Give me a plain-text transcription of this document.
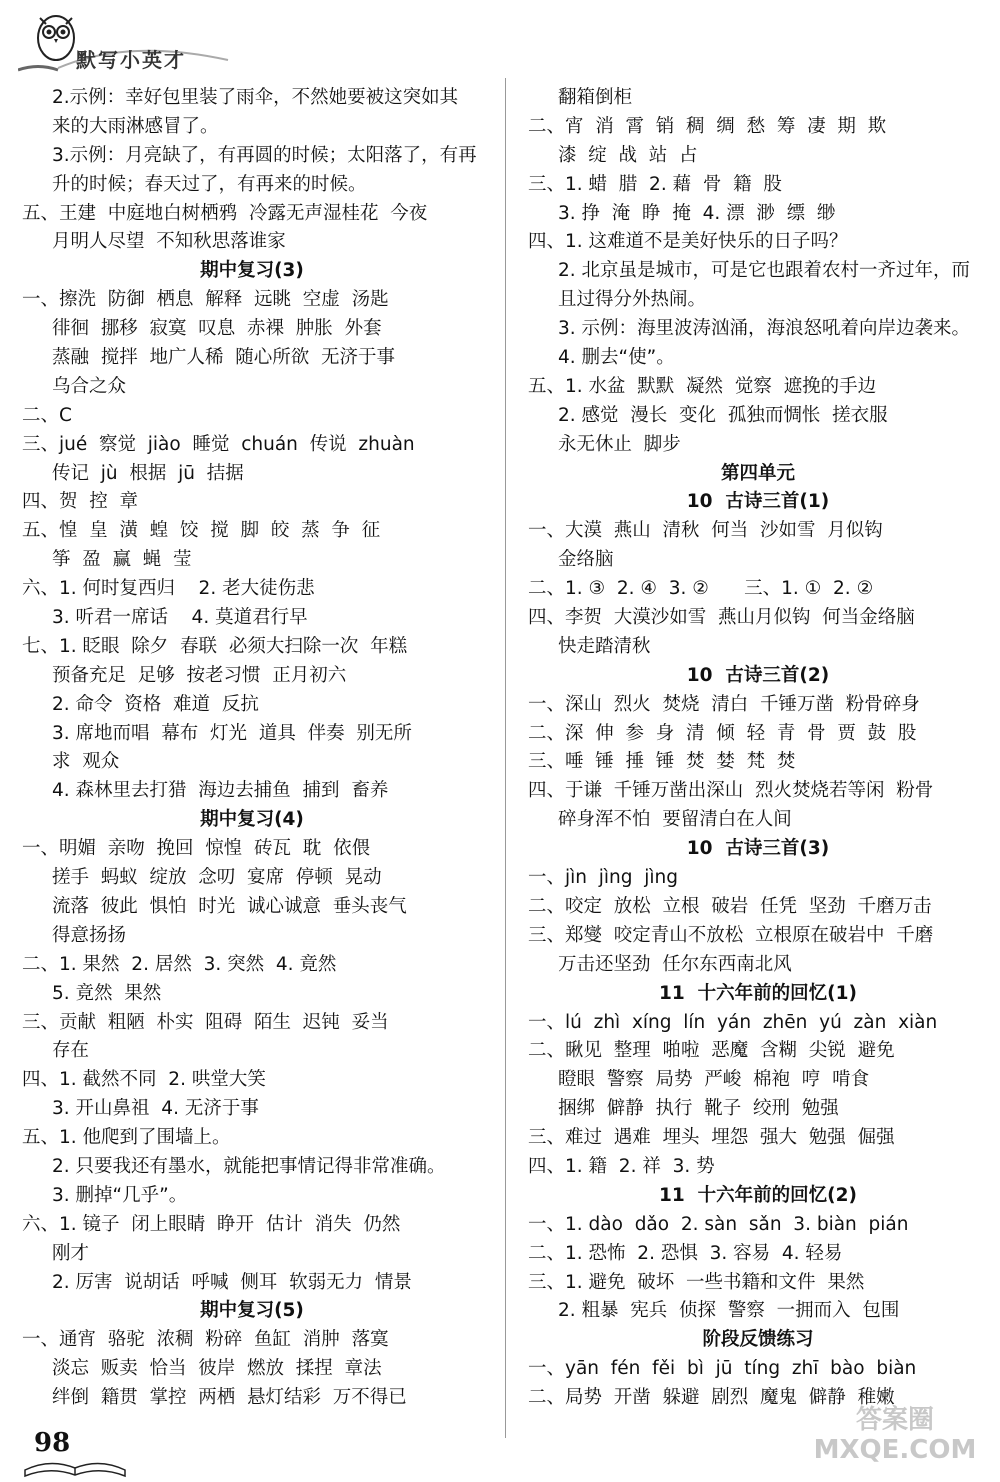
默写小英才
2.示例：幸好包里装了雨伞，不然她要被这突如其
来的大雨淋感冒了。
3.示例：月亮缺了，有再圆的时候；太阳落了，有再
升的时候；春天过了，有再来的时候。
五、王建  中庭地白树栖鸦  冷露无声湿桂花  今夜
月明人尽望  不知秋思落谁家
期中复习(3)
一、擦洗  防御  栖息  解释  远眺  空虚  汤匙
徘徊  挪移  寂寞  叹息  赤裸  肿胀  外套
蒸融  搅拌  地广人稀  随心所欲  无济于事
乌合之众
二、C
三、jué  察觉  jiào  睡觉  chuán  传说  zhuàn
传记  jù  根据  jū  拮据
四、贺  控  章
五、惶  皇  潢  蝗  饺  搅  脚  皎  蒸  争  征
筝  盈  赢  蝇  莹
六、1. 何时复西归    2. 老大徒伤悲
3. 听君一席话    4. 莫道君行早
七、1. 眨眼  除夕  春联  必须大扫除一次  年糕
预备充足  足够  按老习惯  正月初六
2. 命令  资格  难道  反抗
3. 席地而唱  幕布  灯光  道具  伴奏  别无所
求  观众
4. 森林里去打猎  海边去捕鱼  捕到  畜养
期中复习(4)
一、明媚  亲吻  挽回  惊惶  砖瓦  耽  依偎
搓手  蚂蚁  绽放  念叨  宴席  停顿  晃动
流落  彼此  惧怕  时光  诚心诚意  垂头丧气
得意扬扬
二、1. 果然  2. 居然  3. 突然  4. 竟然
5. 竟然  果然
三、贡献  粗陋  朴实  阻碍  陌生  迟钝  妥当
存在
四、1. 截然不同  2. 哄堂大笑
3. 开山鼻祖  4. 无济于事
五、1. 他爬到了围墙上。
2. 只要我还有墨水，就能把事情记得非常准确。
3. 删掉“几乎”。
六、1. 镜子  闭上眼睛  睁开  估计  消失  仍然
刚才
2. 厉害  说胡话  呼喊  侧耳  软弱无力  情景
期中复习(5)
一、通宵  骆驼  浓稠  粉碎  鱼缸  消肿  落寞
淡忘  贩卖  恰当  彼岸  燃放  揉捏  章法
绊倒  籍贯  掌控  两栖  悬灯结彩  万不得已
翻箱倒柜
二、宵  消  霄  销  稠  绸  愁  筹  凄  期  欺
漆  绽  战  站  占
三、1. 蜡  腊  2. 藉  骨  籍  股
3. 挣  淹  睁  掩  4. 漂  渺  缥  缈
四、1. 这难道不是美好快乐的日子吗？
2. 北京虽是城市，可是它也跟着农村一齐过年，而
且过得分外热闹。
3. 示例：海里波涛汹涌，海浪怒吼着向岸边袭来。
4. 删去“使”。
五、1. 水盆  默默  凝然  觉察  遮挽的手边
2. 感觉  漫长  变化  孤独而惆怅  搓衣服
永无休止  脚步
第四单元
10  古诗三首(1)
一、大漠  燕山  清秋  何当  沙如雪  月似钩
金络脑
二、1. ③  2. ④  3. ②      三、1. ①  2. ②
四、李贺  大漠沙如雪  燕山月似钩  何当金络脑
快走踏清秋
10  古诗三首(2)
一、深山  烈火  焚烧  清白  千锤万凿  粉骨碎身
二、深  伸  参  身  清  倾  轻  青  骨  贾  鼓  股
三、唾  锤  捶  锤  焚  婪  梵  焚
四、于谦  千锤万凿出深山  烈火焚烧若等闲  粉骨
碎身浑不怕  要留清白在人间
10  古诗三首(3)
一、jìn  jìng  jìng
二、咬定  放松  立根  破岩  任凭  坚劲  千磨万击
三、郑燮  咬定青山不放松  立根原在破岩中  千磨
万击还坚劲  任尔东西南北风
11  十六年前的回忆(1)
一、lú  zhì  xíng  lín  yán  zhēn  yú  zàn  xiàn
二、瞅见  整理  啪啦  恶魔  含糊  尖锐  避免
瞪眼  警察  局势  严峻  棉袍  哼  啃食
捆绑  僻静  执行  靴子  绞刑  勉强
三、难过  遇难  埋头  埋怨  强大  勉强  倔强
四、1. 籍  2. 祥  3. 势
11  十六年前的回忆(2)
一、1. dào  dǎo  2. sàn  sǎn  3. biàn  pián
二、1. 恐怖  2. 恐惧  3. 容易  4. 轻易
三、1. 避免  破坏  一些书籍和文件  果然
2. 粗暴  宪兵  侦探  警察  一拥而入  包围
阶段反馈练习
一、yān  fén  fěi  bì  jū  tíng  zhī  bào  biàn
二、局势  开凿  躲避  剧烈  魔鬼  僻静  稚嫩
98
答案圈 MXQE.COM
